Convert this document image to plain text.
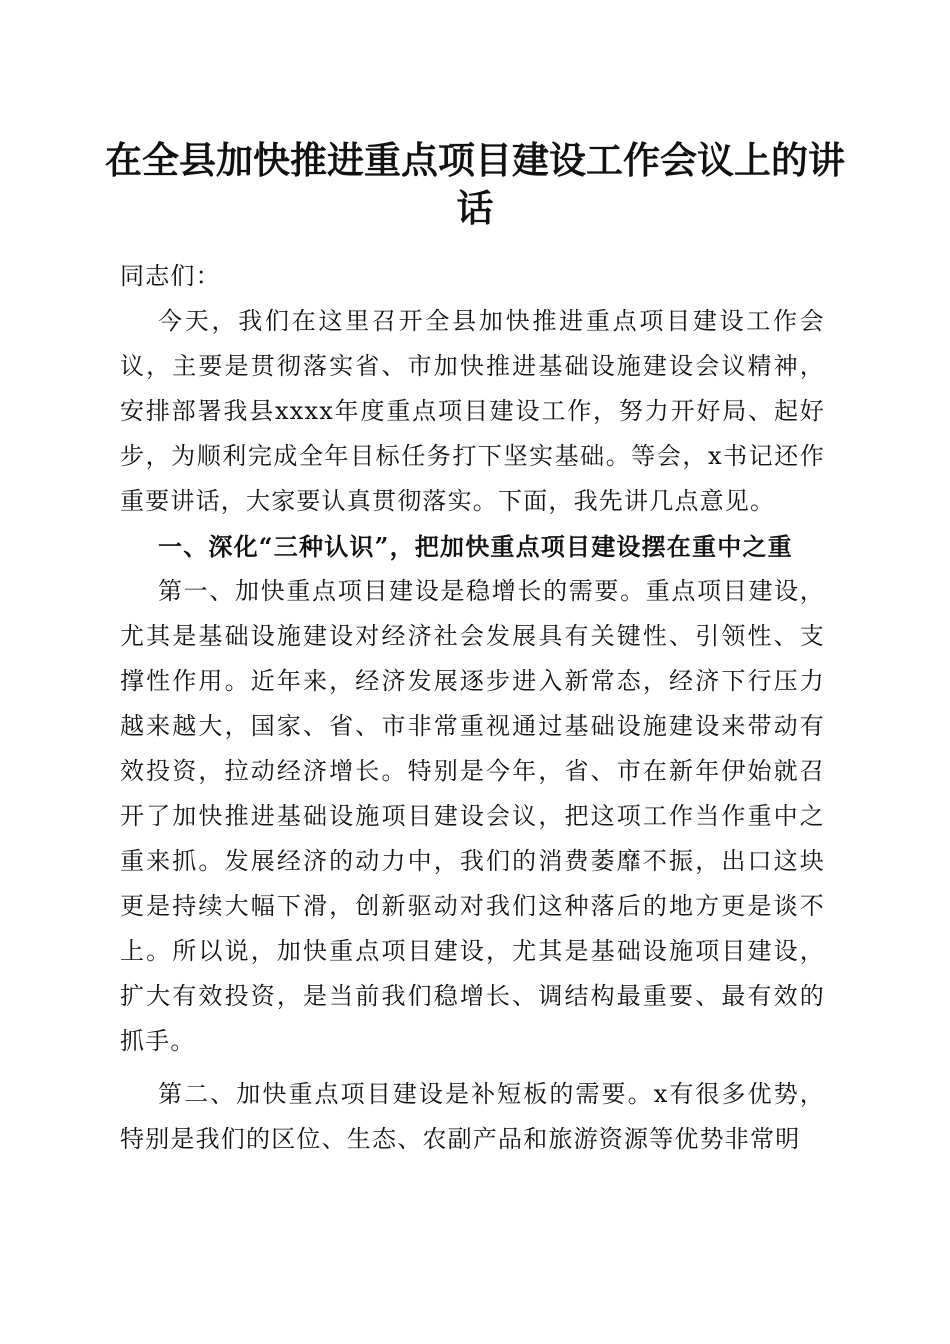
在全县加快推进重点项目建设工作会议上的讲话

同志们：

今天，我们在这里召开全县加快推进重点项目建设工作会议，主要是贯彻落实省、市加快推进基础设施建设会议精神，安排部署我县xxxx年度重点项目建设工作，努力开好局、起好步，为顺利完成全年目标任务打下坚实基础。等会，x书记还作重要讲话，大家要认真贯彻落实。下面，我先讲几点意见。

一、深化“三种认识”，把加快重点项目建设摆在重中之重

第一、加快重点项目建设是稳增长的需要。重点项目建设，尤其是基础设施建设对经济社会发展具有关键性、引领性、支撑性作用。近年来，经济发展逐步进入新常态，经济下行压力越来越大，国家、省、市非常重视通过基础设施建设来带动有效投资，拉动经济增长。特别是今年，省、市在新年伊始就召开了加快推进基础设施项目建设会议，把这项工作当作重中之重来抓。发展经济的动力中，我们的消费萎靡不振，出口这块更是持续大幅下滑，创新驱动对我们这种落后的地方更是谈不上。所以说，加快重点项目建设，尤其是基础设施项目建设，扩大有效投资，是当前我们稳增长、调结构最重要、最有效的抓手。

第二、加快重点项目建设是补短板的需要。x有很多优势，特别是我们的区位、生态、农副产品和旅游资源等优势非常明
